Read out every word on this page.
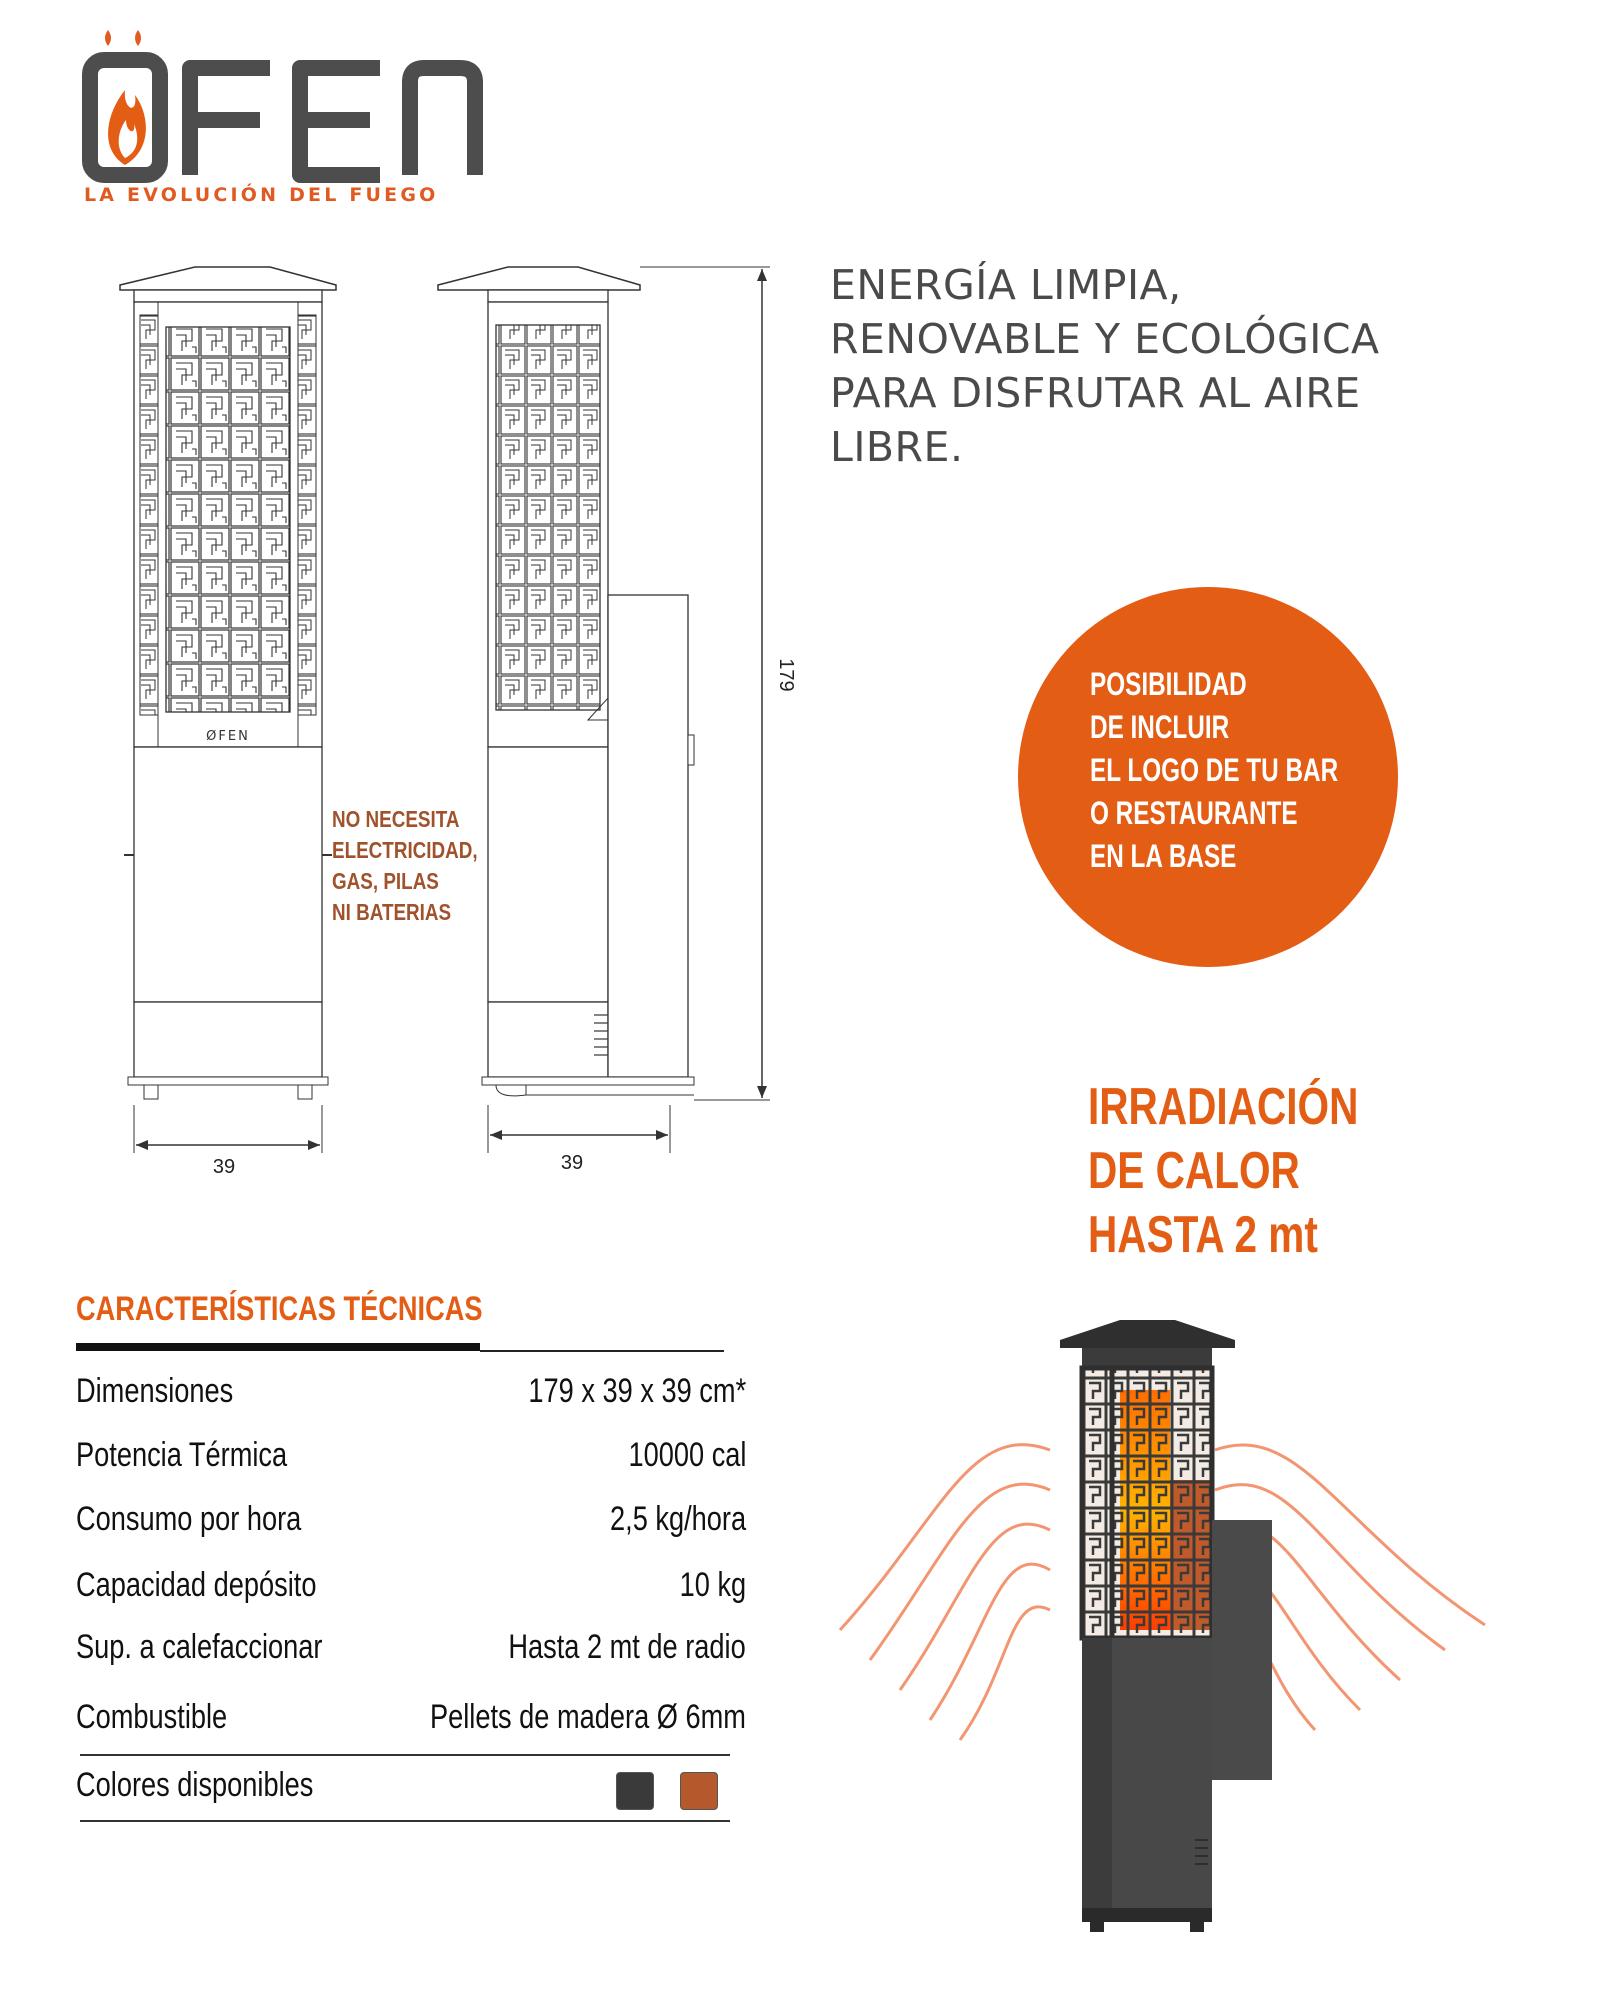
LA EVOLUCIÓN DEL FUEGO
ØFEN
39	39
179
NO NECESITA
ELECTRICIDAD,
GAS, PILAS
NI BATERIAS
ENERGÍA LIMPIA,
RENOVABLE Y ECOLÓGICA
PARA DISFRUTAR AL AIRE
LIBRE.
POSIBILIDAD
DE INCLUIR
EL LOGO DE TU BAR
O RESTAURANTE
EN LA BASE
IRRADIACIÓN
DE CALOR
HASTA 2 mt
CARACTERÍSTICAS TÉCNICAS
Dimensiones	179 x 39 x 39 cm*
Potencia Térmica	10000 cal
Consumo por hora	2,5 kg/hora
Capacidad depósito	10 kg
Sup. a calefaccionar	Hasta 2 mt de radio
Combustible	Pellets de madera Ø 6mm
Colores disponibles
